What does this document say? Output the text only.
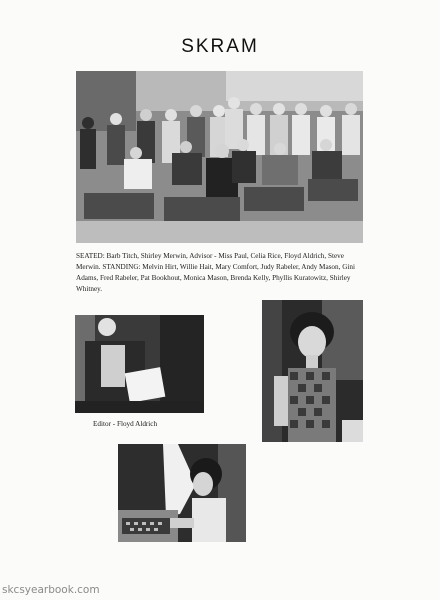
SKRAM
SEATED: Barb Titch, Shirley Merwin, Advisor - Miss Paul, Celia Rice, Floyd Aldrich, Steve Merwin. STANDING: Melvin Hirt, Willie Hait, Mary Comfort, Judy Rabeler, Andy Mason, Gini Adams, Fred Rabeler, Pat Bookhout, Monica Mason, Brenda Kelly, Phyllis Kuratowitz, Shirley Whitney.
Editor - Floyd Aldrich
skcsyearbook.com
